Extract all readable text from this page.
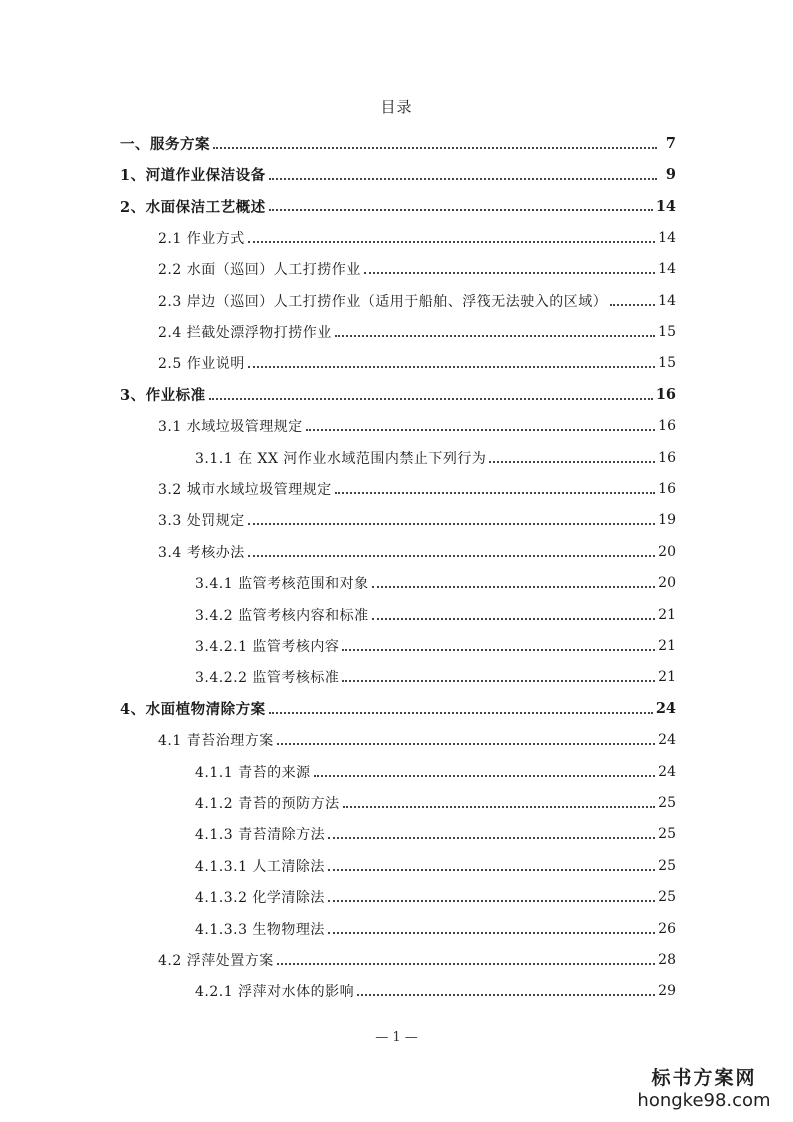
目录
一、服务方案	7
1、河道作业保洁设备	9
2、水面保洁工艺概述	14
2.1 作业方式	14
2.2 水面（巡回）人工打捞作业	14
2.3 岸边（巡回）人工打捞作业（适用于船舶、浮筏无法驶入的区域）	14
2.4 拦截处漂浮物打捞作业	15
2.5 作业说明	15
3、作业标准	16
3.1 水域垃圾管理规定	16
3.1.1 在 XX 河作业水域范围内禁止下列行为	16
3.2 城市水域垃圾管理规定	16
3.3 处罚规定	19
3.4 考核办法	20
3.4.1 监管考核范围和对象	20
3.4.2 监管考核内容和标准	21
3.4.2.1 监管考核内容	21
3.4.2.2 监管考核标准	21
4、水面植物清除方案	24
4.1 青苔治理方案	24
4.1.1 青苔的来源	24
4.1.2 青苔的预防方法	25
4.1.3 青苔清除方法	25
4.1.3.1 人工清除法	25
4.1.3.2 化学清除法	25
4.1.3.3 生物物理法	26
4.2 浮萍处置方案	28
4.2.1 浮萍对水体的影响	29
— 1 —
标书方案网
hongke98.com
